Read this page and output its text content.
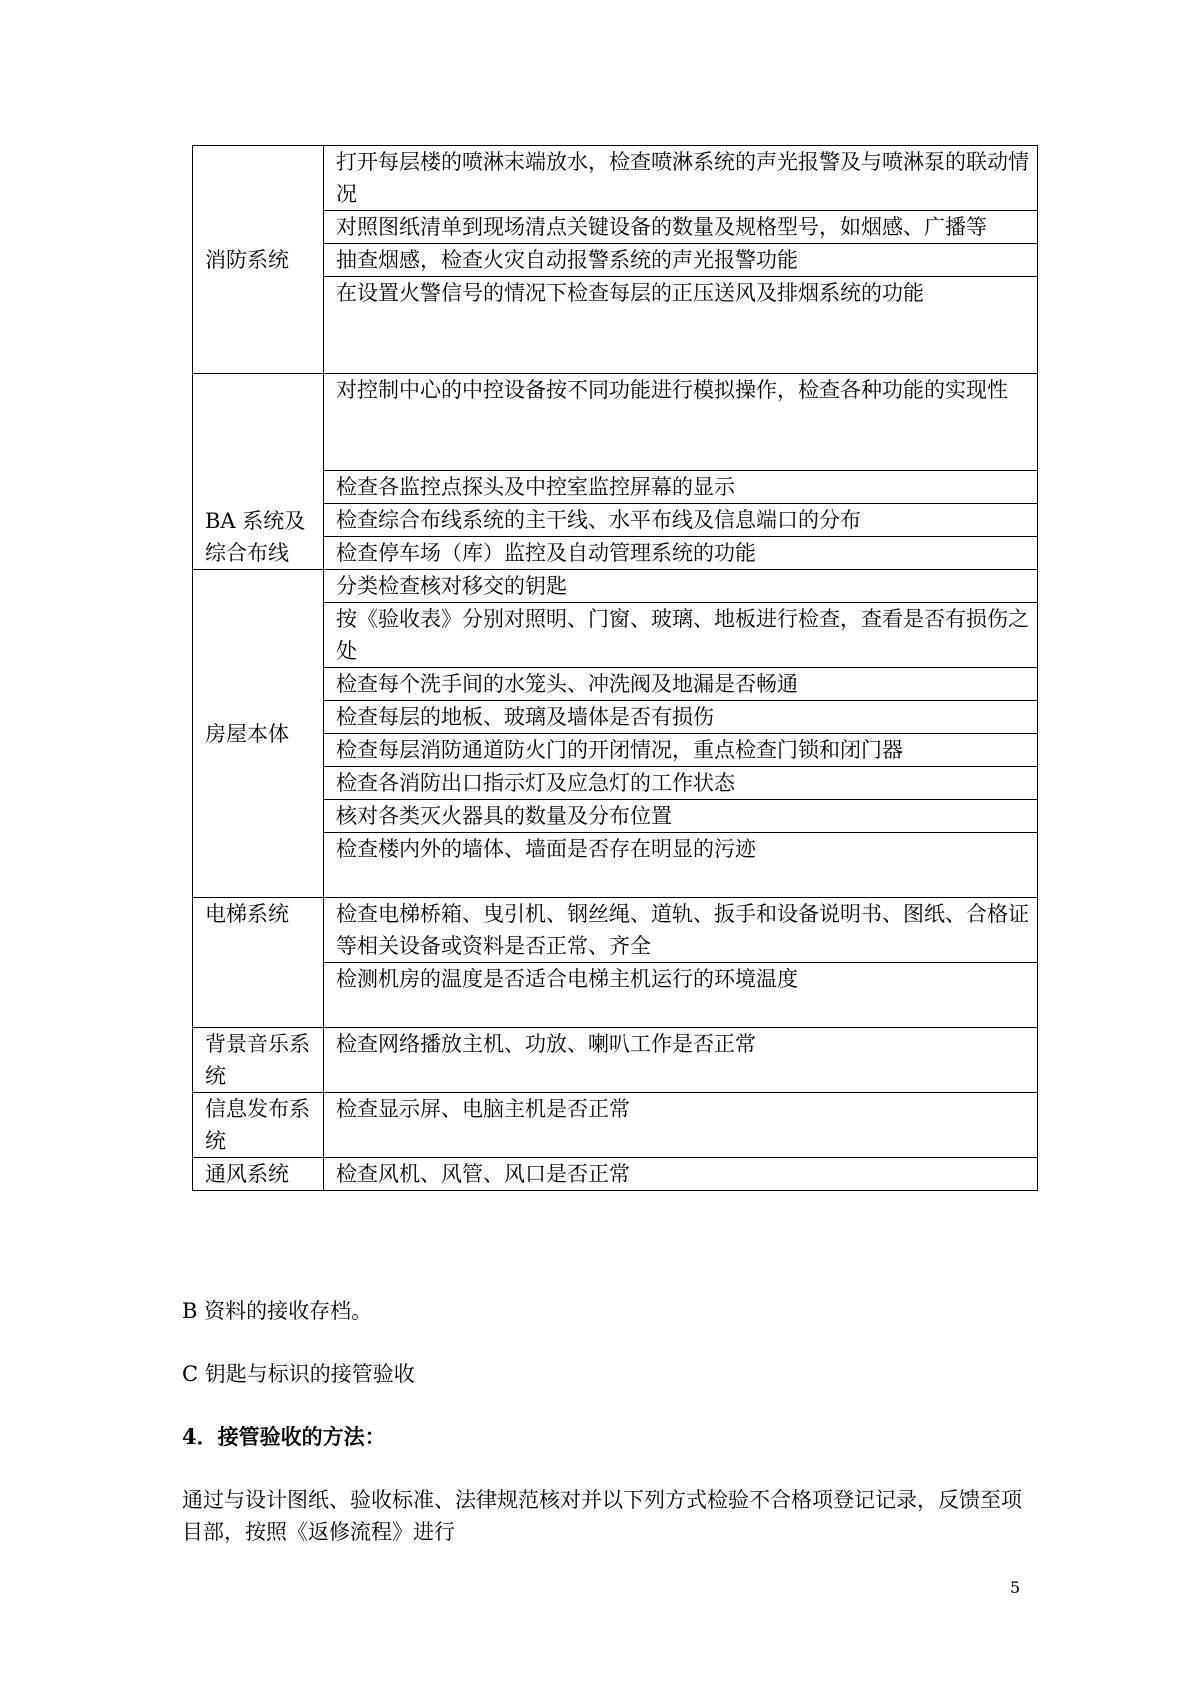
消防系统	打开每层楼的喷淋末端放水，检查喷淋系统的声光报警及与喷淋泵的联动情况
	对照图纸清单到现场清点关键设备的数量及规格型号，如烟感、广播等
	抽查烟感，检查火灾自动报警系统的声光报警功能
	在设置火警信号的情况下检查每层的正压送风及排烟系统的功能
BA 系统及综合布线	对控制中心的中控设备按不同功能进行模拟操作，检查各种功能的实现性
	检查各监控点探头及中控室监控屏幕的显示
	检查综合布线系统的主干线、水平布线及信息端口的分布
	检查停车场（库）监控及自动管理系统的功能
房屋本体	分类检查核对移交的钥匙
	按《验收表》分别对照明、门窗、玻璃、地板进行检查，查看是否有损伤之处
	检查每个洗手间的水笼头、冲洗阀及地漏是否畅通
	检查每层的地板、玻璃及墙体是否有损伤
	检查每层消防通道防火门的开闭情况，重点检查门锁和闭门器
	检查各消防出口指示灯及应急灯的工作状态
	核对各类灭火器具的数量及分布位置
	检查楼内外的墙体、墙面是否存在明显的污迹
电梯系统	检查电梯桥箱、曳引机、钢丝绳、道轨、扳手和设备说明书、图纸、合格证等相关设备或资料是否正常、齐全
	检测机房的温度是否适合电梯主机运行的环境温度
背景音乐系统	检查网络播放主机、功放、喇叭工作是否正常
信息发布系统	检查显示屏、电脑主机是否正常
通风系统	检查风机、风管、风口是否正常

B 资料的接收存档。

C 钥匙与标识的接管验收

4．接管验收的方法：

通过与设计图纸、验收标准、法律规范核对并以下列方式检验不合格项登记记录，反馈至项目部，按照《返修流程》进行

5
